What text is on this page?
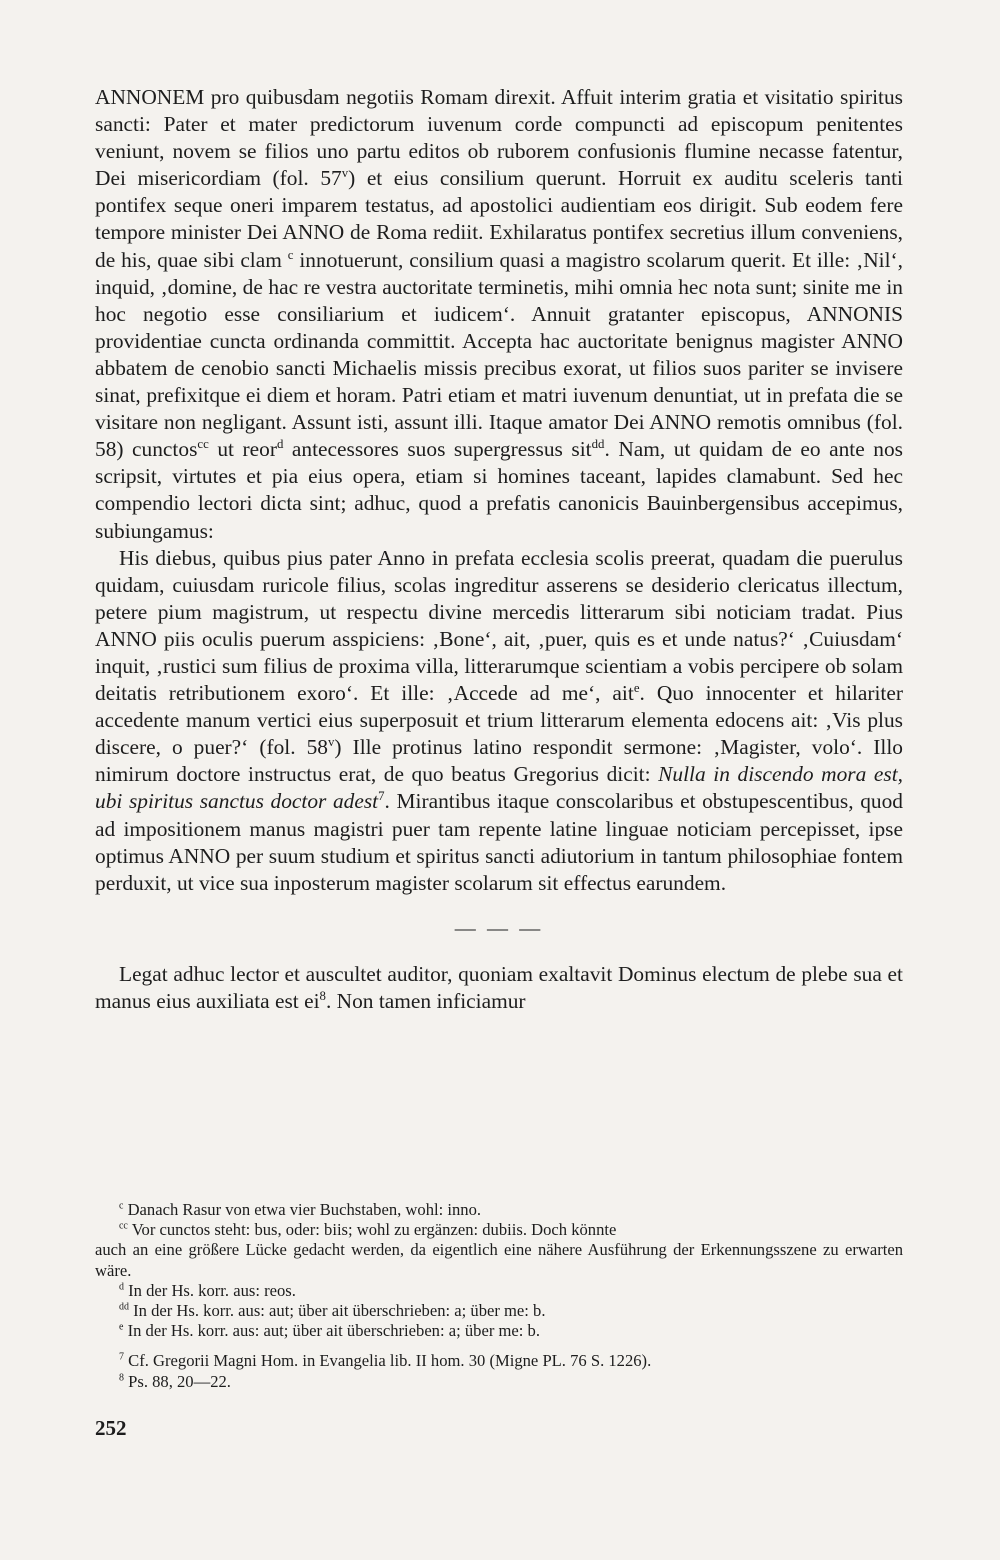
ANNONEM pro quibusdam negotiis Romam direxit. Affuit interim gratia et visitatio spiritus sancti: Pater et mater predictorum iuvenum corde compuncti ad episcopum penitentes veniunt, novem se filios uno partu editos ob ruborem confusionis flumine necasse fatentur, Dei misericordiam (fol. 57$^v$) et eius consilium querunt. Horruit ex auditu sceleris tanti pontifex seque oneri imparem testatus, ad apostolici audientiam eos dirigit. Sub eodem fere tempore minister Dei ANNO de Roma rediit. Exhilaratus pontifex secretius illum conveniens, de his, quae sibi clam $^c$ innotuerunt, consilium quasi a magistro scolarum querit. Et ille: ‚Nil‘, inquid, ‚domine, de hac re vestra auctoritate terminetis, mihi omnia hec nota sunt; sinite me in hoc negotio esse consiliarium et iudicem‘. Annuit gratanter episcopus, ANNONIS providentiae cuncta ordinanda committit. Accepta hac auctoritate benignus magister ANNO abbatem de cenobio sancti Michaelis missis precibus exorat, ut filios suos pariter se invisere sinat, prefixitque ei diem et horam. Patri etiam et matri iuvenum denuntiat, ut in prefata die se visitare non negligant. Assunt isti, assunt illi. Itaque amator Dei ANNO remotis omnibus (fol. 58) cunctos$^{cc}$ ut reor$^d$ antecessores suos supergressus sit$^{dd}$. Nam, ut quidam de eo ante nos scripsit, virtutes et pia eius opera, etiam si homines taceant, lapides clamabunt. Sed hec compendio lectori dicta sint; adhuc, quod a prefatis canonicis Bauinbergensibus accepimus, subiungamus:

His diebus, quibus pius pater Anno in prefata ecclesia scolis preerat, quadam die puerulus quidam, cuiusdam ruricole filius, scolas ingreditur asserens se desiderio clericatus illectum, petere pium magistrum, ut respectu divine mercedis litterarum sibi noticiam tradat. Pius ANNO piis oculis puerum asspiciens: ‚Bone‘, ait, ‚puer, quis es et unde natus?‘ ‚Cuiusdam‘ inquit, ‚rustici sum filius de proxima villa, litterarumque scientiam a vobis percipere ob solam deitatis retributionem exoro‘. Et ille: ‚Accede ad me‘, ait$^e$. Quo innocenter et hilariter accedente manum vertici eius superposuit et trium litterarum elementa edocens ait: ‚Vis plus discere, o puer?‘ (fol. 58$^v$) Ille protinus latino respondit sermone: ‚Magister, volo‘. Illo nimirum doctore instructus erat, de quo beatus Gregorius dicit: Nulla in discendo mora est, ubi spiritus sanctus doctor adest$^7$. Mirantibus itaque conscolaribus et obstupescentibus, quod ad impositionem manus magistri puer tam repente latine linguae noticiam percepisset, ipse optimus ANNO per suum studium et spiritus sancti adiutorium in tantum philosophiae fontem perduxit, ut vice sua inposterum magister scolarum sit effectus earundem.

— — —

Legat adhuc lector et auscultet auditor, quoniam exaltavit Dominus electum de plebe sua et manus eius auxiliata est $ei^8$. Non tamen inficiamur

$^c$ Danach Rasur von etwa vier Buchstaben, wohl: inno.

$^{cc}$ Vor cunctos steht: bus, oder: biis; wohl zu ergänzen: dubiis. Doch könnte

auch an eine größere Lücke gedacht werden, da eigentlich eine nähere Ausführung der Erkennungsszene zu erwarten wäre.

$^d$ In der Hs. korr. aus: reos.

$^{dd}$ In der Hs. korr. aus: aut; über ait überschrieben: a; über me: b.

$^e$ In der Hs. korr. aus: aut; über ait überschrieben: a; über me: b.

$^7$ Cf. Gregorii Magni Hom. in Evangelia lib. II hom. 30 (Migne PL. 76 S. 1226).

$^8$ Ps. 88, 20—22.

252
